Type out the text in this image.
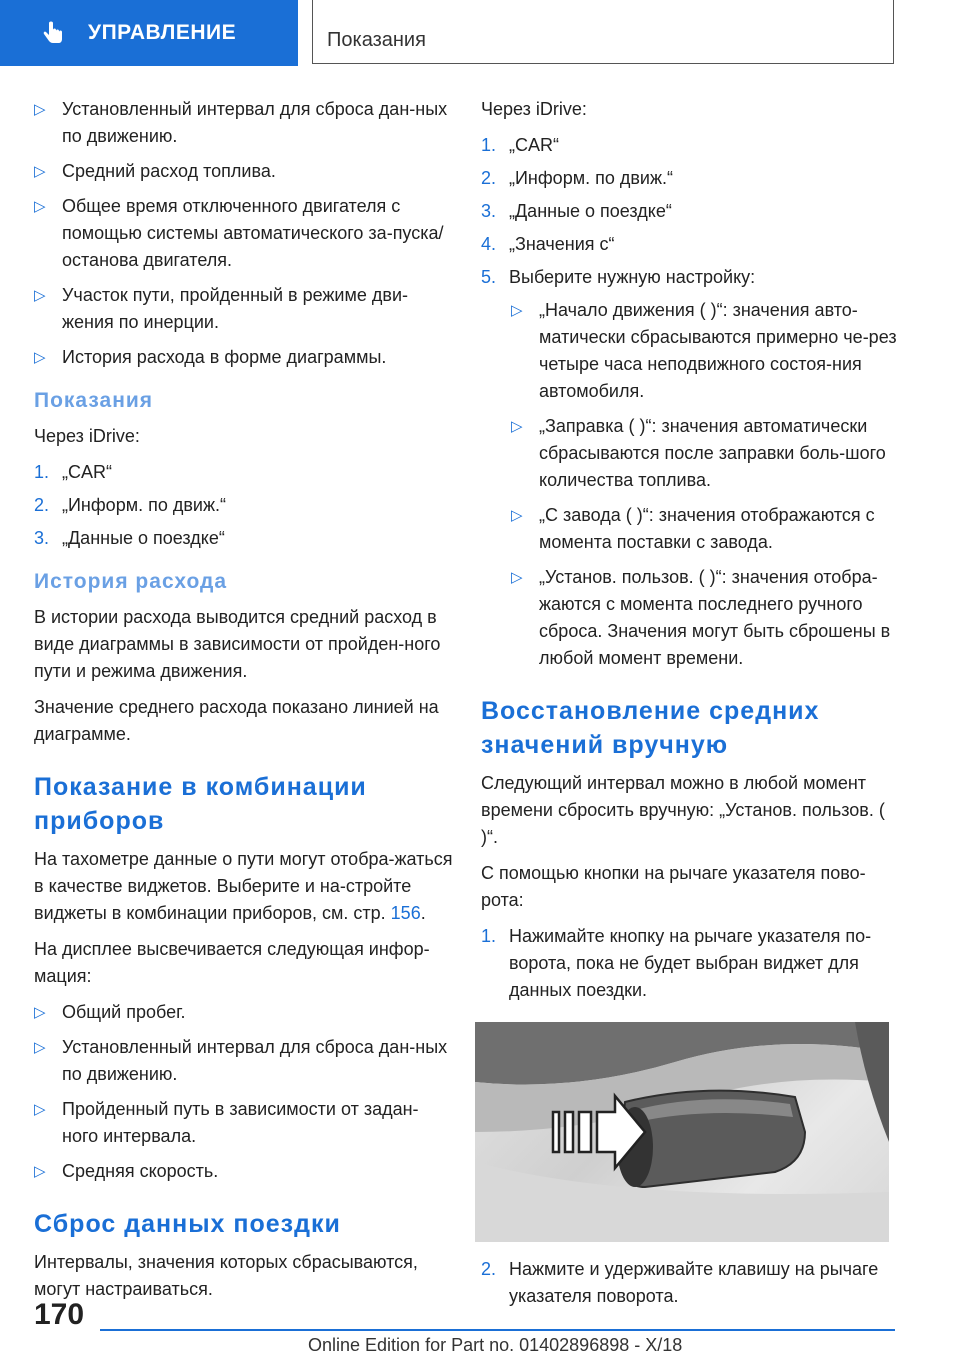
УПРАВЛЕНИЕ	Показания
▷ Установленный интервал для сброса дан-ных по движению.
▷ Средний расход топлива.
▷ Общее время отключенного двигателя с помощью системы автоматического за-пуска/останова двигателя.
▷ Участок пути, пройденный в режиме дви-жения по инерции.
▷ История расхода в форме диаграммы.
Показания

Через iDrive:

1. „CAR“
2. „Информ. по движ.“
3. „Данные о поездке“
История расхода

В истории расхода выводится средний расход в виде диаграммы в зависимости от пройден-ного пути и режима движения.

Значение среднего расхода показано линией на диаграмме.

Показание в комбинации приборов

На тахометре данные о пути могут отобра-жаться в качестве виджетов. Выберите и на-стройте виджеты в комбинации приборов, см. стр. 156.

На дисплее высвечивается следующая инфор-мация:

▷ Общий пробег.
▷ Установленный интервал для сброса дан-ных по движению.
▷ Пройденный путь в зависимости от задан-ного интервала.
▷ Средняя скорость.
Сброс данных поездки

Интервалы, значения которых сбрасываются, могут настраиваться.

Через iDrive:

1. „CAR“
2. „Информ. по движ.“
3. „Данные о поездке“
4. „Значения с“
5. Выберите нужную настройку:
▷ „Начало движения ( )“: значения авто-матически сбрасываются примерно че-рез четыре часа неподвижного состоя-ния автомобиля.
▷ „Заправка ( )“: значения автоматически сбрасываются после заправки боль-шого количества топлива.
▷ „С завода ( )“: значения отображаются с момента поставки с завода.
▷ „Установ. пользов. ( )“: значения отобра-жаются с момента последнего ручного сброса. Значения могут быть сброшены в любой момент времени.
Восстановление средних значений вручную

Следующий интервал можно в любой момент времени сбросить вручную: „Установ. пользов. ( )“.

С помощью кнопки на рычаге указателя пово-рота:

1. Нажимайте кнопку на рычаге указателя по-ворота, пока не будет выбран виджет для данных поездки.
2. Нажмите и удерживайте клавишу на рычаге указателя поворота.
170
Online Edition for Part no. 01402896898 - X/18
